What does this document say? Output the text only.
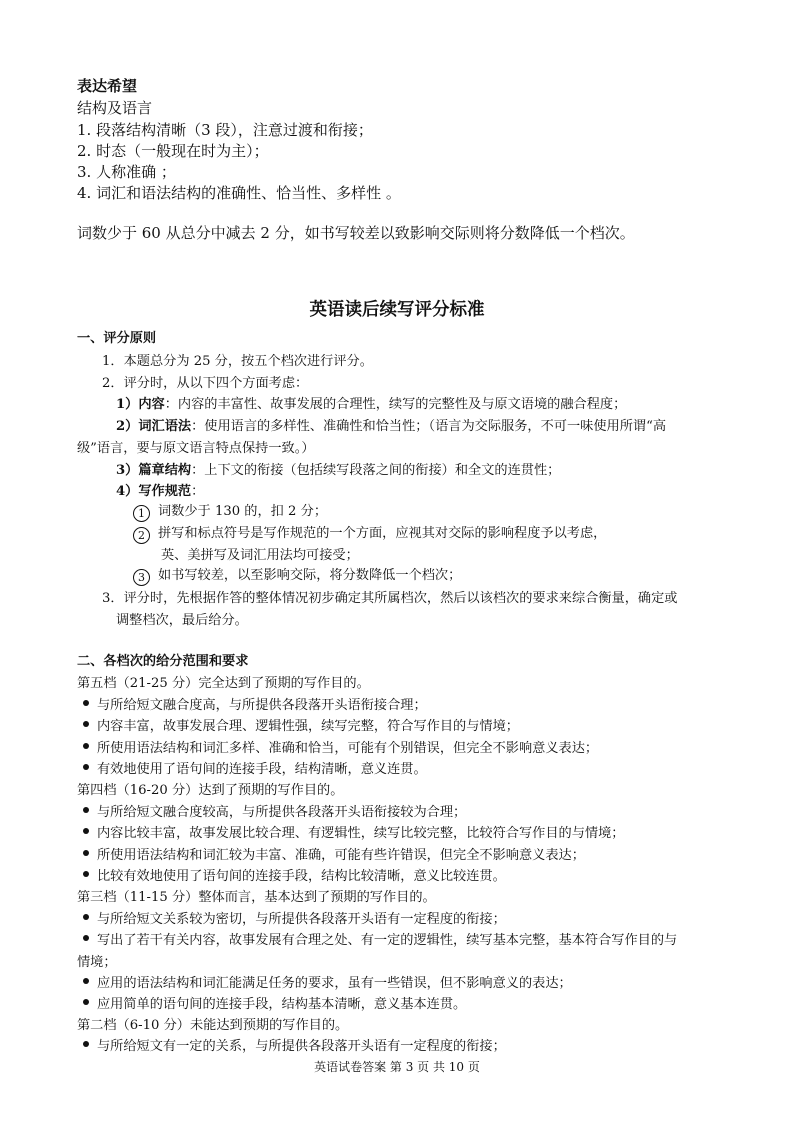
表达希望
结构及语言
1. 段落结构清晰（3 段），注意过渡和衔接；
2. 时态（一般现在时为主）；
3. 人称准确 ；
4. 词汇和语法结构的准确性、恰当性、多样性 。
词数少于 60 从总分中减去 2 分，如书写较差以致影响交际则将分数降低一个档次。
英语读后续写评分标准
一、评分原则
1．本题总分为 25 分，按五个档次进行评分。
2．评分时，从以下四个方面考虑：
1）内容：内容的丰富性、故事发展的合理性，续写的完整性及与原文语境的融合程度；
2）词汇语法：使用语言的多样性、准确性和恰当性；（语言为交际服务，不可一味使用所谓“高
级”语言，要与原文语言特点保持一致。）
3）篇章结构：上下文的衔接（包括续写段落之间的衔接）和全文的连贯性；
4）写作规范：
1 词数少于 130 的，扣 2 分；
2 拼写和标点符号是写作规范的一个方面，应视其对交际的影响程度予以考虑，
英、美拼写及词汇用法均可接受；
3 如书写较差，以至影响交际，将分数降低一个档次；
3．评分时，先根据作答的整体情况初步确定其所属档次，然后以该档次的要求来综合衡量，确定或
调整档次，最后给分。
二、各档次的给分范围和要求
第五档（21-25 分）完全达到了预期的写作目的。
与所给短文融合度高，与所提供各段落开头语衔接合理；
内容丰富，故事发展合理、逻辑性强，续写完整，符合写作目的与情境；
所使用语法结构和词汇多样、准确和恰当，可能有个别错误，但完全不影响意义表达；
有效地使用了语句间的连接手段，结构清晰，意义连贯。
第四档（16-20 分）达到了预期的写作目的。
与所给短文融合度较高，与所提供各段落开头语衔接较为合理；
内容比较丰富，故事发展比较合理、有逻辑性，续写比较完整，比较符合写作目的与情境；
所使用语法结构和词汇较为丰富、准确，可能有些许错误，但完全不影响意义表达；
比较有效地使用了语句间的连接手段，结构比较清晰，意义比较连贯。
第三档（11-15 分）整体而言，基本达到了预期的写作目的。
与所给短文关系较为密切，与所提供各段落开头语有一定程度的衔接；
写出了若干有关内容，故事发展有合理之处、有一定的逻辑性，续写基本完整，基本符合写作目的与
情境；
应用的语法结构和词汇能满足任务的要求，虽有一些错误，但不影响意义的表达；
应用简单的语句间的连接手段，结构基本清晰，意义基本连贯。
第二档（6-10 分）未能达到预期的写作目的。
与所给短文有一定的关系，与所提供各段落开头语有一定程度的衔接；
英语试卷答案 第 3 页 共 10 页
